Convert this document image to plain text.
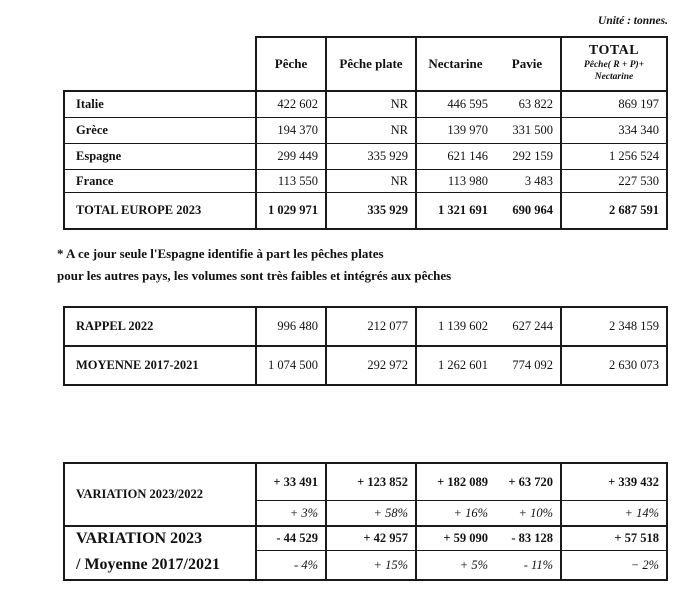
Unité : tonnes.
Pêche	Pêche plate	Nectarine	Pavie
TOTAL
Pêche( R + P)+
Nectarine
Italie	422 602	NR	446 595	63 822	869 197
Grèce	194 370	NR	139 970	331 500	334 340
Espagne	299 449	335 929	621 146	292 159	1 256 524
France	113 550	NR	113 980	3 483	227 530
TOTAL EUROPE 2023	1 029 971	335 929	1 321 691	690 964	2 687 591
* A ce jour seule l'Espagne identifie à part les pêches plates
pour les autres pays, les volumes sont très faibles et intégrés aux pêches
RAPPEL 2022	996 480	212 077	1 139 602	627 244	2 348 159
MOYENNE 2017-2021	1 074 500	292 972	1 262 601	774 092	2 630 073
VARIATION 2023/2022
+ 33 491	+ 123 852	+ 182 089	+ 63 720	+ 339 432
+ 3%	+ 58%	+ 16%	+ 10%	+ 14%
VARIATION 2023
/ Moyenne 2017/2021
- 44 529	+ 42 957	+ 59 090	- 83 128	+ 57 518
- 4%	+ 15%	+ 5%	- 11%	− 2%
